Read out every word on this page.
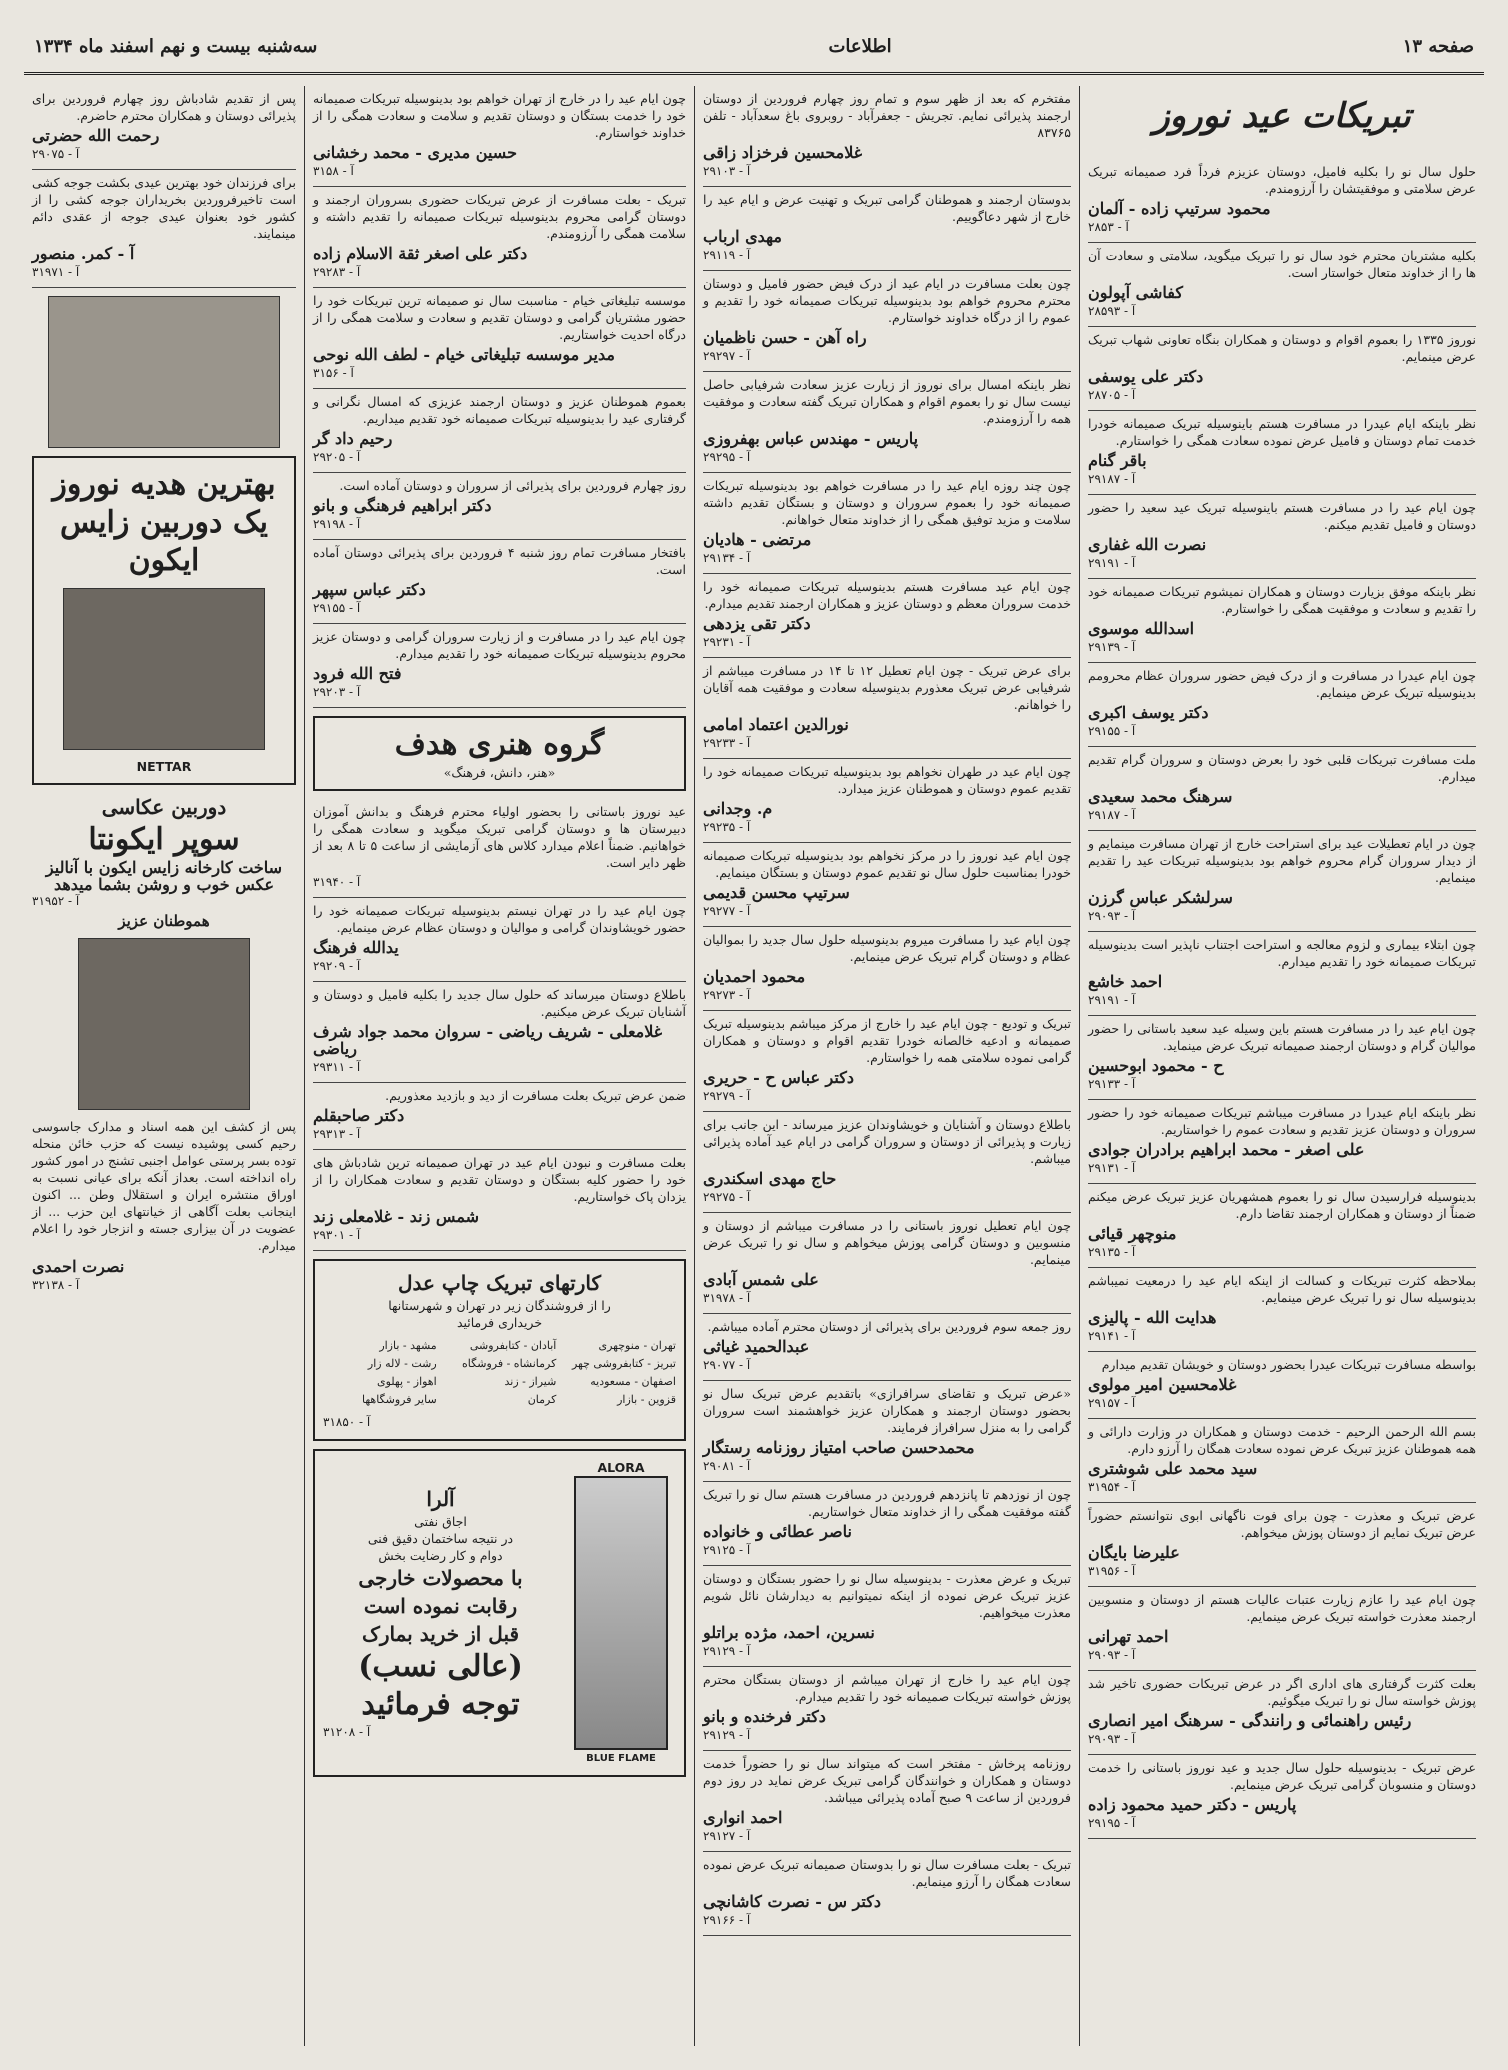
صفحه ۱۳
اطلاعات
سه‌شنبه بیست و نهم اسفند ماه ۱۳۳۴
تبریکات عید نوروز

حلول سال نو را بکلیه فامیل، دوستان عزیزم فرداً فرد صمیمانه تبریک عرض سلامتی و موفقیتشان را آرزومندم.

محمود سرتیپ زاده - آلمان
آ - ۲۸۵۳

بکلیه مشتریان محترم خود سال نو را تبریک میگوید، سلامتی و سعادت آن ها را از خداوند متعال خواستار است.

کفاشی آپولون
آ - ۲۸۵۹۳

نوروز ۱۳۳۵ را بعموم اقوام و دوستان و همکاران بنگاه تعاونی شهاب تبریک عرض مینمایم.

دکتر علی یوسفی
آ - ۲۸۷۰۵

نظر باینکه ایام عیدرا در مسافرت هستم باینوسیله تبریک صمیمانه خودرا خدمت تمام دوستان و فامیل عرض نموده سعادت همگی را خواستارم.

باقر گنام
آ - ۲۹۱۸۷

چون ایام عید را در مسافرت هستم باینوسیله تبریک عید سعید را حضور دوستان و فامیل تقدیم میکنم.

نصرت الله غفاری
آ - ۲۹۱۹۱

نظر باینکه موفق بزیارت دوستان و همکاران نمیشوم تبریکات صمیمانه خود را تقدیم و سعادت و موفقیت همگی را خواستارم.

اسدالله موسوی
آ - ۲۹۱۳۹

چون ایام عیدرا در مسافرت و از درک فیض حضور سروران عظام محرومم بدینوسیله تبریک عرض مینمایم.

دکتر یوسف اکبری
آ - ۲۹۱۵۵

ملت مسافرت تبریکات قلبی خود را بعرض دوستان و سروران گرام تقدیم میدارم.

سرهنگ محمد سعیدی
آ - ۲۹۱۸۷

چون در ایام تعطیلات عید برای استراحت خارج از تهران مسافرت مینمایم و از دیدار سروران گرام محروم خواهم بود بدینوسیله تبریکات عید را تقدیم مینمایم.

سرلشکر عباس گرزن
آ - ۲۹۰۹۳

چون ابتلاء بیماری و لزوم معالجه و استراحت اجتناب ناپذیر است بدینوسیله تبریکات صمیمانه خود را تقدیم میدارم.

احمد خاشع
آ - ۲۹۱۹۱

چون ایام عید را در مسافرت هستم باین وسیله عید سعید باستانی را حضور موالیان گرام و دوستان ارجمند صمیمانه تبریک عرض مینماید.

ح - محمود ابوحسین
آ - ۲۹۱۳۳

نظر باینکه ایام عیدرا در مسافرت میباشم تبریکات صمیمانه خود را حضور سروران و دوستان عزیز تقدیم و سعادت عموم را خواستاریم.

علی اصغر - محمد ابراهیم برادران جوادی
آ - ۲۹۱۳۱

بدینوسیله فرارسیدن سال نو را بعموم همشهریان عزیز تبریک عرض میکنم ضمناً از دوستان و همکاران ارجمند تقاضا دارم.

منوچهر قیائی
آ - ۲۹۱۳۵

بملاحظه کثرت تبریکات و کسالت از اینکه ایام عید را درمعیت نمیباشم بدینوسیله سال نو را تبریک عرض مینمایم.

هدایت الله - پالیزی
آ - ۲۹۱۴۱

بواسطه مسافرت تبریکات عیدرا بحضور دوستان و خویشان تقدیم میدارم

غلامحسین امیر مولوی
آ - ۲۹۱۵۷

بسم الله الرحمن الرحیم - خدمت دوستان و همکاران در وزارت دارائی و همه هموطنان عزیز تبریک عرض نموده سعادت همگان را آرزو دارم.

سید محمد علی شوشتری
آ - ۳۱۹۵۴

عرض تبریک و معذرت - چون برای فوت ناگهانی ابوی نتوانستم حضوراً عرض تبریک نمایم از دوستان پوزش میخواهم.

علیرضا بایگان
آ - ۳۱۹۵۶

چون ایام عید را عازم زیارت عتبات عالیات هستم از دوستان و منسوبین ارجمند معذرت خواسته تبریک عرض مینمایم.

احمد تهرانی
آ - ۲۹۰۹۳

بعلت کثرت گرفتاری های اداری اگر در عرض تبریکات حضوری تاخیر شد پوزش خواسته سال نو را تبریک میگوئیم.

رئیس راهنمائی و رانندگی - سرهنگ امیر انصاری
آ - ۲۹۰۹۳

عرض تبریک - بدینوسیله حلول سال جدید و عید نوروز باستانی را خدمت دوستان و منسوبان گرامی تبریک عرض مینمایم.

پاریس - دکتر حمید محمود زاده
آ - ۲۹۱۹۵

مفتخرم که بعد از ظهر سوم و تمام روز چهارم فروردین از دوستان ارجمند پذیرائی نمایم. تجریش - جعفرآباد - روبروی باغ سعدآباد - تلفن ۸۳۷۶۵

غلامحسین فرخزاد زاقی
آ - ۲۹۱۰۳

بدوستان ارجمند و هموطنان گرامی تبریک و تهنیت عرض و ایام عید را خارج از شهر دعاگوییم.

مهدی ارباب
آ - ۲۹۱۱۹

چون بعلت مسافرت در ایام عید از درک فیض حضور فامیل و دوستان محترم محروم خواهم بود بدینوسیله تبریکات صمیمانه خود را تقدیم و عموم را از درگاه خداوند خواستارم.

راه آهن - حسن ناظمیان
آ - ۲۹۲۹۷

نظر باینکه امسال برای نوروز از زیارت عزیز سعادت شرفیابی حاصل نیست سال نو را بعموم اقوام و همکاران تبریک گفته سعادت و موفقیت همه را آرزومندم.

پاریس - مهندس عباس بهفروزی
آ - ۲۹۲۹۵

چون چند روزه ایام عید را در مسافرت خواهم بود بدینوسیله تبریکات صمیمانه خود را بعموم سروران و دوستان و بستگان تقدیم داشته سلامت و مزید توفیق همگی را از خداوند متعال خواهانم.

مرتضی - هادیان
آ - ۲۹۱۳۴

چون ایام عید مسافرت هستم بدینوسیله تبریکات صمیمانه خود را خدمت سروران معظم و دوستان عزیز و همکاران ارجمند تقدیم میدارم.

دکتر تقی یزدهی
آ - ۲۹۲۳۱

برای عرض تبریک - چون ایام تعطیل ۱۲ تا ۱۴ در مسافرت میباشم از شرفیابی عرض تبریک معذورم بدینوسیله سعادت و موفقیت همه آقایان را خواهانم.

نورالدین اعتماد امامی
آ - ۲۹۲۳۳

چون ایام عید در طهران نخواهم بود بدینوسیله تبریکات صمیمانه خود را تقدیم عموم دوستان و هموطنان عزیز میدارد.

م. وجدانی
آ - ۲۹۲۳۵

چون ایام عید نوروز را در مرکز نخواهم بود بدینوسیله تبریکات صمیمانه خودرا بمناسبت حلول سال نو تقدیم عموم دوستان و بستگان مینمایم.

سرتیپ محسن قدیمی
آ - ۲۹۲۷۷

چون ایام عید را مسافرت میروم بدینوسیله حلول سال جدید را بموالیان عظام و دوستان گرام تبریک عرض مینمایم.

محمود احمدیان
آ - ۲۹۲۷۳

تبریک و تودیع - چون ایام عید را خارج از مرکز میباشم بدینوسیله تبریک صمیمانه و ادعیه خالصانه خودرا تقدیم اقوام و دوستان و همکاران گرامی نموده سلامتی همه را خواستارم.

دکتر عباس ح - حریری
آ - ۲۹۲۷۹

باطلاع دوستان و آشنایان و خویشاوندان عزیز میرساند - این جانب برای زیارت و پذیرائی از دوستان و سروران گرامی در ایام عید آماده پذیرائی میباشم.

حاج مهدی اسکندری
آ - ۲۹۲۷۵

چون ایام تعطیل نوروز باستانی را در مسافرت میباشم از دوستان و منسوبین و دوستان گرامی پوزش میخواهم و سال نو را تبریک عرض مینمایم.

علی شمس آبادی
آ - ۳۱۹۷۸

روز جمعه سوم فروردین برای پذیرائی از دوستان محترم آماده میباشم.

عبدالحمید غیاثی
آ - ۲۹۰۷۷

«عرض تبریک و تقاضای سرافرازی» باتقدیم عرض تبریک سال نو بحضور دوستان ارجمند و همکاران عزیز خواهشمند است سروران گرامی را به منزل سرافراز فرمایند.

محمدحسن صاحب امتیاز روزنامه رستگار
آ - ۲۹۰۸۱

چون از نوزدهم تا پانزدهم فروردین در مسافرت هستم سال نو را تبریک گفته موفقیت همگی را از خداوند متعال خواستاریم.

ناصر عطائی و خانواده
آ - ۲۹۱۲۵

تبریک و عرض معذرت - بدینوسیله سال نو را حضور بستگان و دوستان عزیز تبریک عرض نموده از اینکه نمیتوانیم به دیدارشان نائل شویم معذرت میخواهیم.

نسرین، احمد، مژده براتلو
آ - ۲۹۱۲۹

چون ایام عید را خارج از تهران میباشم از دوستان بستگان محترم پوزش خواسته تبریکات صمیمانه خود را تقدیم میدارم.

دکتر فرخنده و بانو
آ - ۲۹۱۲۹

روزنامه پرخاش - مفتخر است که میتواند سال نو را حضوراً خدمت دوستان و همکاران و خوانندگان گرامی تبریک عرض نماید در روز دوم فروردین از ساعت ۹ صبح آماده پذیرائی میباشد.

احمد انواری
آ - ۲۹۱۲۷

تبریک - بعلت مسافرت سال نو را بدوستان صمیمانه تبریک عرض نموده سعادت همگان را آرزو مینمایم.

دکتر س - نصرت کاشانچی
آ - ۲۹۱۶۶

چون ایام عید را در خارج از تهران خواهم بود بدینوسیله تبریکات صمیمانه خود را خدمت بستگان و دوستان تقدیم و سلامت و سعادت همگی را از خداوند خواستارم.

حسین مدیری - محمد رخشانی
آ - ۳۱۵۸

تبریک - بعلت مسافرت از عرض تبریکات حضوری بسروران ارجمند و دوستان گرامی محروم بدینوسیله تبریکات صمیمانه را تقدیم داشته و سلامت همگی را آرزومندم.

دکتر علی اصغر ثقة الاسلام زاده
آ - ۲۹۲۸۳

موسسه تبلیغاتی خیام - مناسبت سال نو صمیمانه ترین تبریکات خود را حضور مشتریان گرامی و دوستان تقدیم و سعادت و سلامت همگی را از درگاه احدیت خواستاریم.

مدیر موسسه تبلیغاتی خیام - لطف الله نوحی
آ - ۳۱۵۶

بعموم هموطنان عزیز و دوستان ارجمند عزیزی که امسال نگرانی و گرفتاری عید را بدینوسیله تبریکات صمیمانه خود تقدیم میداریم.

رحیم داد گر
آ - ۲۹۲۰۵

روز چهارم فروردین برای پذیرائی از سروران و دوستان آماده است.

دکتر ابراهیم فرهنگی و بانو
آ - ۲۹۱۹۸

بافتخار مسافرت تمام روز شنبه ۴ فروردین برای پذیرائی دوستان آماده است.

دکتر عباس سپهر
آ - ۲۹۱۵۵

چون ایام عید را در مسافرت و از زیارت سروران گرامی و دوستان عزیز محروم بدینوسیله تبریکات صمیمانه خود را تقدیم میدارم.

فتح الله فرود
آ - ۲۹۲۰۳
گروه هنری هدف
«هنر، دانش، فرهنگ»

عید نوروز باستانی را بحضور اولیاء محترم فرهنگ و بدانش آموزان دبیرستان ها و دوستان گرامی تبریک میگوید و سعادت همگی را خواهانیم. ضمناً اعلام میدارد کلاس های آزمایشی از ساعت ۵ تا ۸ بعد از ظهر دایر است.

آ - ۳۱۹۴۰

چون ایام عید را در تهران نیستم بدینوسیله تبریکات صمیمانه خود را حضور خویشاوندان گرامی و موالیان و دوستان عظام عرض مینمایم.

یدالله فرهنگ
آ - ۲۹۲۰۹

باطلاع دوستان میرساند که حلول سال جدید را بکلیه فامیل و دوستان و آشنایان تبریک عرض میکنیم.

غلامعلی - شریف ریاضی - سروان محمد جواد شرف ریاضی
آ - ۲۹۳۱۱

ضمن عرض تبریک بعلت مسافرت از دید و بازدید معذوریم.

دکتر صاحبقلم
آ - ۲۹۳۱۳

بعلت مسافرت و نبودن ایام عید در تهران صمیمانه ترین شادباش های خود را حضور کلیه بستگان و دوستان تقدیم و سعادت همکاران را از یزدان پاک خواستاریم.

شمس زند - غلامعلی زند
آ - ۲۹۳۰۱
کارتهای تبریک چاپ عدل
را از فروشندگان زیر در تهران و شهرستانها
خریداری فرمائید
تهران - منوچهری
آبادان - کتابفروشی
مشهد - بازار
تبریز - کتابفروشی چهر
کرمانشاه - فروشگاه
رشت - لاله زار
اصفهان - مسعودیه
شیراز - زند
اهواز - پهلوی
قزوین - بازار
کرمان
سایر فروشگاهها
آ - ۳۱۸۵۰
ALORA
BLUE FLAME
آلرا
اجاق نفتی
در نتیجه ساختمان دقیق فنی
دوام و کار رضایت بخش
با محصولات خارجی
رقابت نموده است
قبل از خرید بمارک
(عالی نسب)
توجه فرمائید
آ - ۳۱۲۰۸

پس از تقدیم شادباش روز چهارم فروردین برای پذیرائی دوستان و همکاران محترم حاضرم.

رحمت الله حضرتی
آ - ۲۹۰۷۵

برای فرزندان خود بهترین عیدی بکشت جوجه کشی است تاخیرفروردین بخریداران جوجه کشی را از کشور خود بعنوان عیدی جوجه از عقدی دائم مینمایند.

آ - کمر. منصور
آ - ۳۱۹۷۱
بهترین هدیه نوروز
یک دوربین زایس
ایکون
NETTAR
دوربین عکاسی
سوپر ایکونتا
ساخت کارخانه زایس ایکون با آنالیز عکس خوب و روشن بشما میدهد
آ - ۳۱۹۵۲
هموطنان عزیز

پس از کشف این همه اسناد و مدارک جاسوسی رحیم کسی پوشیده نیست که حزب خائن منحله توده بسر پرستی عوامل اجنبی تشنج در امور کشور راه انداخته است. بعداز آنکه برای عیانی نسبت به اوراق منتشره ایران و استقلال وطن ... اکنون اینجانب بعلت آگاهی از خیانتهای این حزب ... از عضویت در آن بیزاری جسته و انزجار خود را اعلام میدارم.

نصرت احمدی
آ - ۳۲۱۳۸
